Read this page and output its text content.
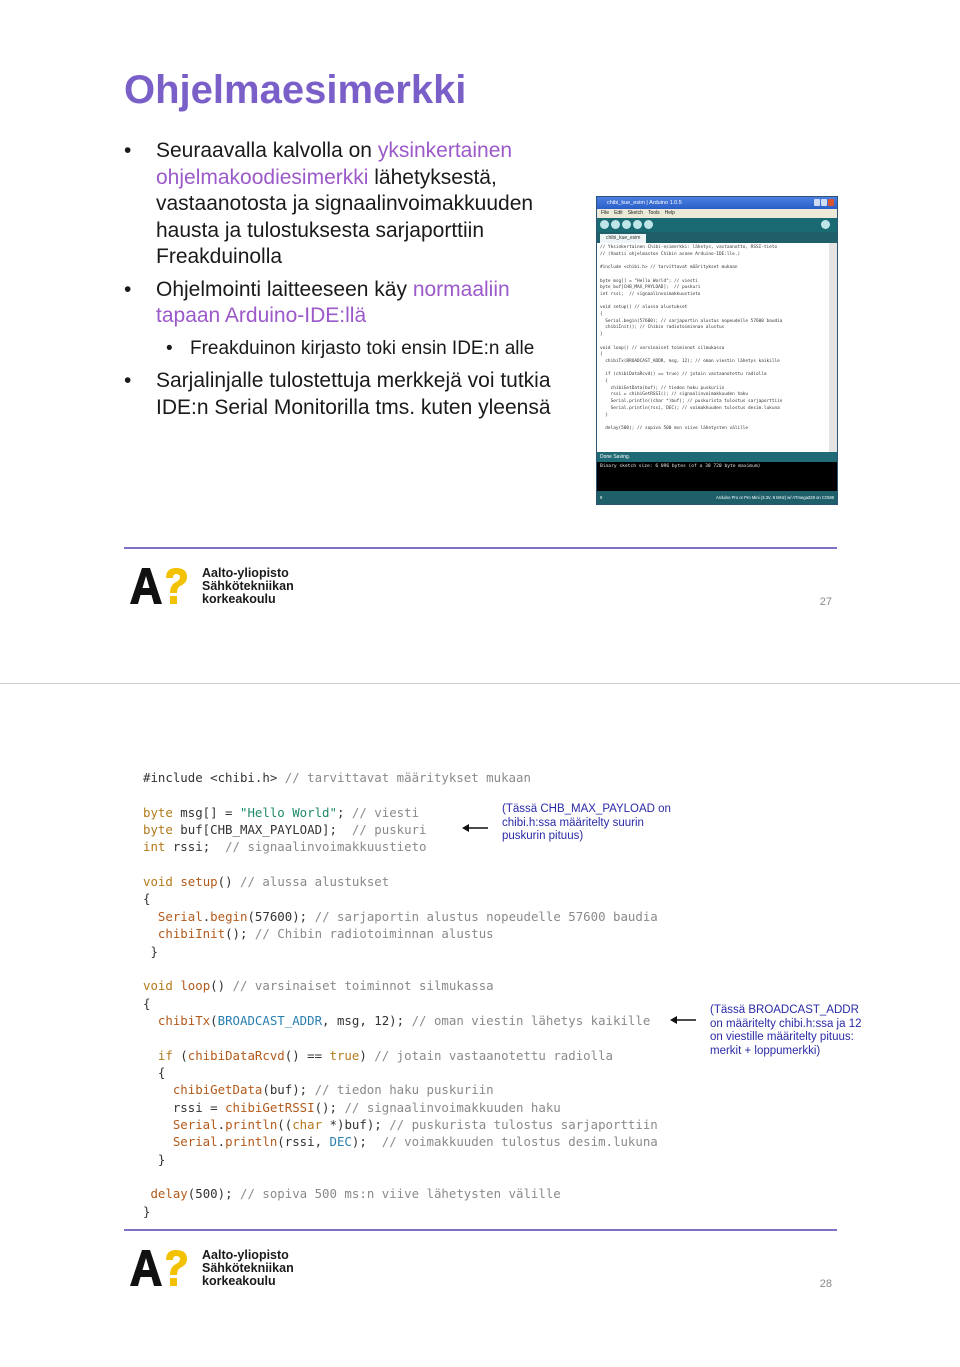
Ohjelmaesimerkki
• Seuraavalla kalvolla on yksinkertainen ohjelmakoodiesimerkki lähetyksestä, vastaanotosta ja signaalinvoimakkuuden hausta ja tulostuksesta sarjaporttiin Freakduinolla
• Ohjelmointi laitteeseen käy normaaliin tapaan Arduino-IDE:llä
• Freakduinon kirjasto toki ensin IDE:n alle
• Sarjalinjalle tulostettuja merkkejä voi tutkia IDE:n Serial Monitorilla tms. kuten yleensä
chibi_kue_esim | Arduino 1.0.5
File Edit Sketch Tools Help
chibi_kue_esim
// Yksinkertainen Chibi-esimerkki: lähetys, vastaanotto, RSSI-tieto
// (Vaatii ohjelmaston Chibin asnee Arduino-IDE:lle.)

#include <chibi.h> // tarvittavat määritykset mukaan

byte msg[] = "Hello World"; // viesti
byte buf[CHB_MAX_PAYLOAD];  // puskuri
int rssi;  // signaalinvoimakkuustieto

void setup() // alussa alustukset
{
Serial.begin(57600); // sarjaportin alustus nopeudelle 57600 baudia
chibiInit(); // Chibin radiotoiminnan alustus
}

void loop() // varsinaiset toiminnot silmukassa
{
chibiTx(BROADCAST_ADDR, msg, 12); // oman viestin lähetys kaikille

if (chibiDataRcvd() == true) // jotain vastaanotettu radiolla
{
chibiGetData(buf); // tiedon haku puskuriin
rssi = chibiGetRSSI(); // signaalinvoimakkuuden haku
Serial.println((char *)buf); // puskurista tulostus sarjaporttiin
Serial.println(rssi, DEC); // voimakkuuden tulostus desim.lukuna
}

delay(500); // sopiva 500 msn viive lähetysten välille
Done Saving.
Binary sketch size: 6 096 bytes (of a 30 720 byte maximum)
8	Arduino Pro or Pro Mini (3.3V, 8 MHz) w/ ATmega328 on COM8
Aalto-yliopisto
Sähkötekniikan
korkeakoulu	27
#include <chibi.h> // tarvittavat määritykset mukaan
byte msg[] = "Hello World"; // viesti
byte buf[CHB_MAX_PAYLOAD];  // puskuri
int rssi;  // signaalinvoimakkuustieto
void setup() // alussa alustukset
{
Serial.begin(57600); // sarjaportin alustus nopeudelle 57600 baudia
chibiInit(); // Chibin radiotoiminnan alustus
}
void loop() // varsinaiset toiminnot silmukassa
{
chibiTx(BROADCAST_ADDR, msg, 12); // oman viestin lähetys kaikille
if (chibiDataRcvd() == true) // jotain vastaanotettu radiolla
{
chibiGetData(buf); // tiedon haku puskuriin
rssi = chibiGetRSSI(); // signaalinvoimakkuuden haku
Serial.println((char *)buf); // puskurista tulostus sarjaporttiin
Serial.println(rssi, DEC);  // voimakkuuden tulostus desim.lukuna
}
delay(500); // sopiva 500 ms:n viive lähetysten välille
}
(Tässä CHB_MAX_PAYLOAD on
chibi.h:ssa määritelty suurin
puskurin pituus)
(Tässä BROADCAST_ADDR
on määritelty chibi.h:ssa ja 12
on viestille määritelty pituus:
merkit + loppumerkki)
Aalto-yliopisto
Sähkötekniikan
korkeakoulu	28
